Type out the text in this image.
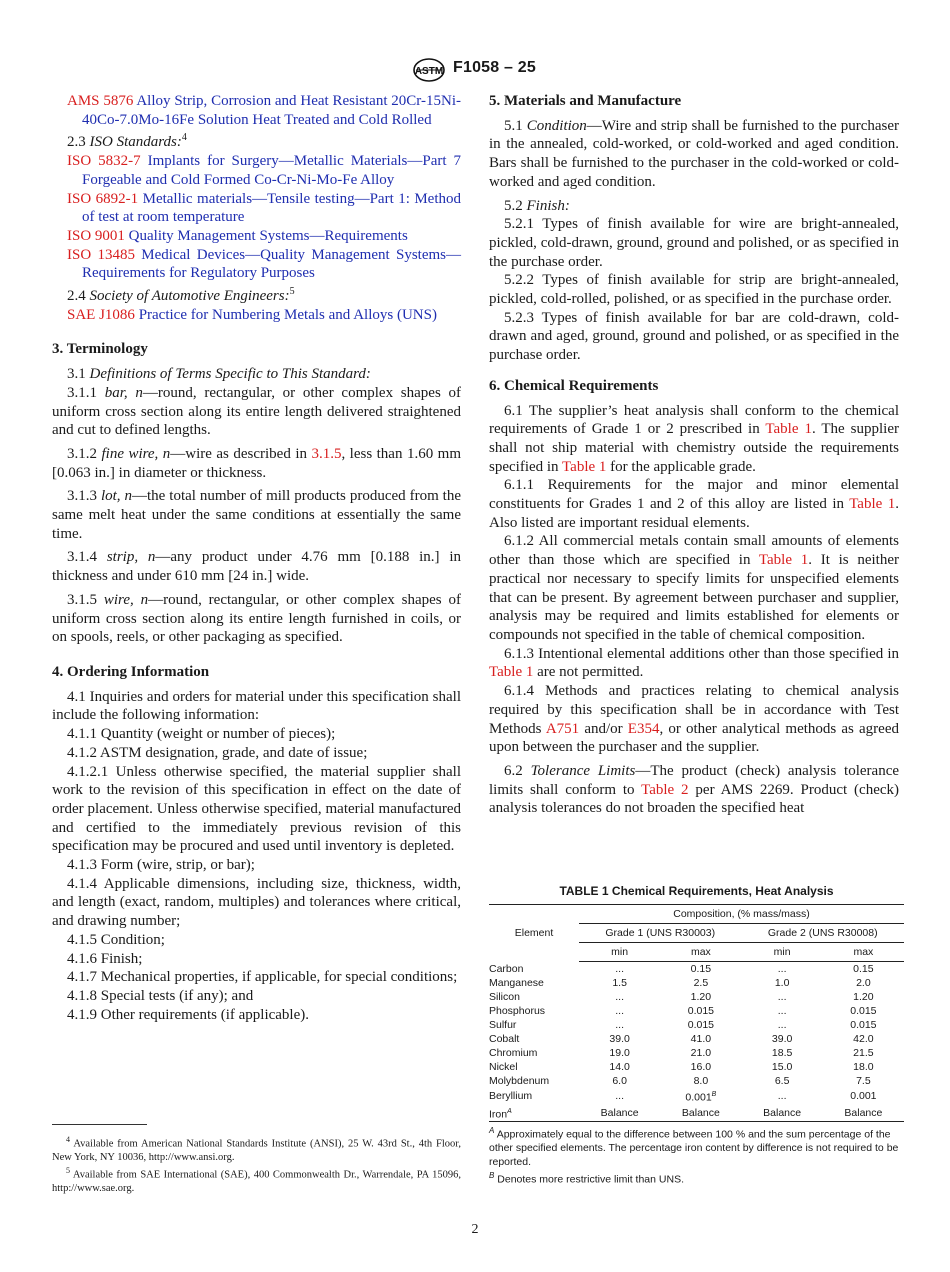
ASTM F1058 – 25

AMS 5876 Alloy Strip, Corrosion and Heat Resistant 20Cr-15Ni-40Co-7.0Mo-16Fe Solution Heat Treated and Cold Rolled

2.3 ISO Standards:$^4$

ISO 5832-7 Implants for Surgery—Metallic Materials—Part 7 Forgeable and Cold Formed Co-Cr-Ni-Mo-Fe Alloy

ISO 6892-1 Metallic materials—Tensile testing—Part 1: Method of test at room temperature

ISO 9001 Quality Management Systems—Requirements

ISO 13485 Medical Devices—Quality Management Systems—Requirements for Regulatory Purposes

2.4 Society of Automotive Engineers:$^5$

SAE J1086 Practice for Numbering Metals and Alloys (UNS)

3. Terminology

3.1 Definitions of Terms Specific to This Standard:

3.1.1 bar, n—round, rectangular, or other complex shapes of uniform cross section along its entire length delivered straightened and cut to defined lengths.

3.1.2 fine wire, n—wire as described in 3.1.5, less than 1.60 mm [0.063 in.] in diameter or thickness.

3.1.3 lot, n—the total number of mill products produced from the same melt heat under the same conditions at essentially the same time.

3.1.4 strip, n—any product under 4.76 mm [0.188 in.] in thickness and under 610 mm [24 in.] wide.

3.1.5 wire, n—round, rectangular, or other complex shapes of uniform cross section along its entire length furnished in coils, or on spools, reels, or other packaging as specified.

4. Ordering Information

4.1 Inquiries and orders for material under this specification shall include the following information:

4.1.1 Quantity (weight or number of pieces);

4.1.2 ASTM designation, grade, and date of issue;

4.1.2.1 Unless otherwise specified, the material supplier shall work to the revision of this specification in effect on the date of order placement. Unless otherwise specified, material manufactured and certified to the immediately previous revision of this specification may be procured and used until inventory is depleted.

4.1.3 Form (wire, strip, or bar);

4.1.4 Applicable dimensions, including size, thickness, width, and length (exact, random, multiples) and tolerances where critical, and drawing number;

4.1.5 Condition;

4.1.6 Finish;

4.1.7 Mechanical properties, if applicable, for special conditions;

4.1.8 Special tests (if any); and

4.1.9 Other requirements (if applicable).

$^4$ Available from American National Standards Institute (ANSI), 25 W. 43rd St., 4th Floor, New York, NY 10036, http://www.ansi.org.

$^5$ Available from SAE International (SAE), 400 Commonwealth Dr., Warrendale, PA 15096, http://www.sae.org.

5. Materials and Manufacture

5.1 Condition—Wire and strip shall be furnished to the purchaser in the annealed, cold-worked, or cold-worked and aged condition. Bars shall be furnished to the purchaser in the cold-worked or cold-worked and aged condition.

5.2 Finish:

5.2.1 Types of finish available for wire are bright-annealed, pickled, cold-drawn, ground, ground and polished, or as specified in the purchase order.

5.2.2 Types of finish available for strip are bright-annealed, pickled, cold-rolled, polished, or as specified in the purchase order.

5.2.3 Types of finish available for bar are cold-drawn, cold-drawn and aged, ground, ground and polished, or as specified in the purchase order.

6. Chemical Requirements

6.1 The supplier’s heat analysis shall conform to the chemical requirements of Grade 1 or 2 prescribed in Table 1. The supplier shall not ship material with chemistry outside the requirements specified in Table 1 for the applicable grade.

6.1.1 Requirements for the major and minor elemental constituents for Grades 1 and 2 of this alloy are listed in Table 1. Also listed are important residual elements.

6.1.2 All commercial metals contain small amounts of elements other than those which are specified in Table 1. It is neither practical nor necessary to specify limits for unspecified elements that can be present. By agreement between purchaser and supplier, analysis may be required and limits established for elements or compounds not specified in the table of chemical composition.

6.1.3 Intentional elemental additions other than those specified in Table 1 are not permitted.

6.1.4 Methods and practices relating to chemical analysis required by this specification shall be in accordance with Test Methods A751 and/or E354, or other analytical methods as agreed upon between the purchaser and the supplier.

6.2 Tolerance Limits—The product (check) analysis tolerance limits shall conform to Table 2 per AMS 2269. Product (check) analysis tolerances do not broaden the specified heat

TABLE 1 Chemical Requirements, Heat Analysis
Element	Composition, (% mass/mass)			
	Grade 1 (UNS R30003)		Grade 2 (UNS R30008)	
	min	max	min	max
Carbon	...	0.15	...	0.15
Manganese	1.5	2.5	1.0	2.0
Silicon	...	1.20	...	1.20
Phosphorus	...	0.015	...	0.015
Sulfur	...	0.015	...	0.015
Cobalt	39.0	41.0	39.0	42.0
Chromium	19.0	21.0	18.5	21.5
Nickel	14.0	16.0	15.0	18.0
Molybdenum	6.0	8.0	6.5	7.5
Beryllium	...	$0.001^B$	...	0.001
Iron$^A$	Balance	Balance	Balance	Balance

$^A$ Approximately equal to the difference between 100 % and the sum percentage of the other specified elements. The percentage iron content by difference is not required to be reported.

$^B$ Denotes more restrictive limit than UNS.

2
